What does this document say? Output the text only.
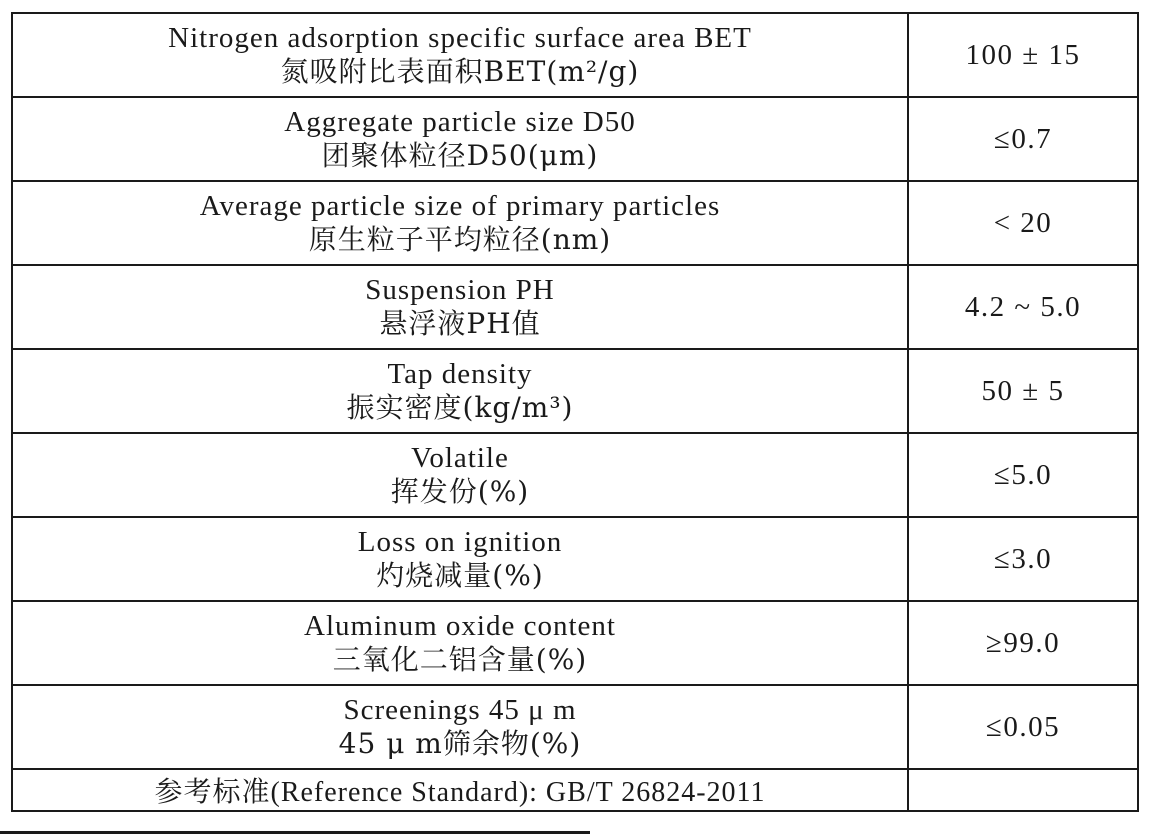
Nitrogen adsorption specific surface area BET
氮吸附比表面积BET(m²/g)	100 ± 15

Aggregate particle size D50
团聚体粒径D50(μm)	≤0.7

Average particle size of primary particles
原生粒子平均粒径(nm)	< 20

Suspension PH
悬浮液PH值	4.2 ~ 5.0

Tap density
振实密度(kg/m³)	50 ± 5

Volatile
挥发份(%)	≤5.0

Loss on ignition
灼烧减量(%)	≤3.0

Aluminum oxide content
三氧化二铝含量(%)	≥99.0

Screenings 45 μ m
45 μ m筛余物(%)	≤0.05
参考标准(Reference Standard): GB/T 26824-2011	
